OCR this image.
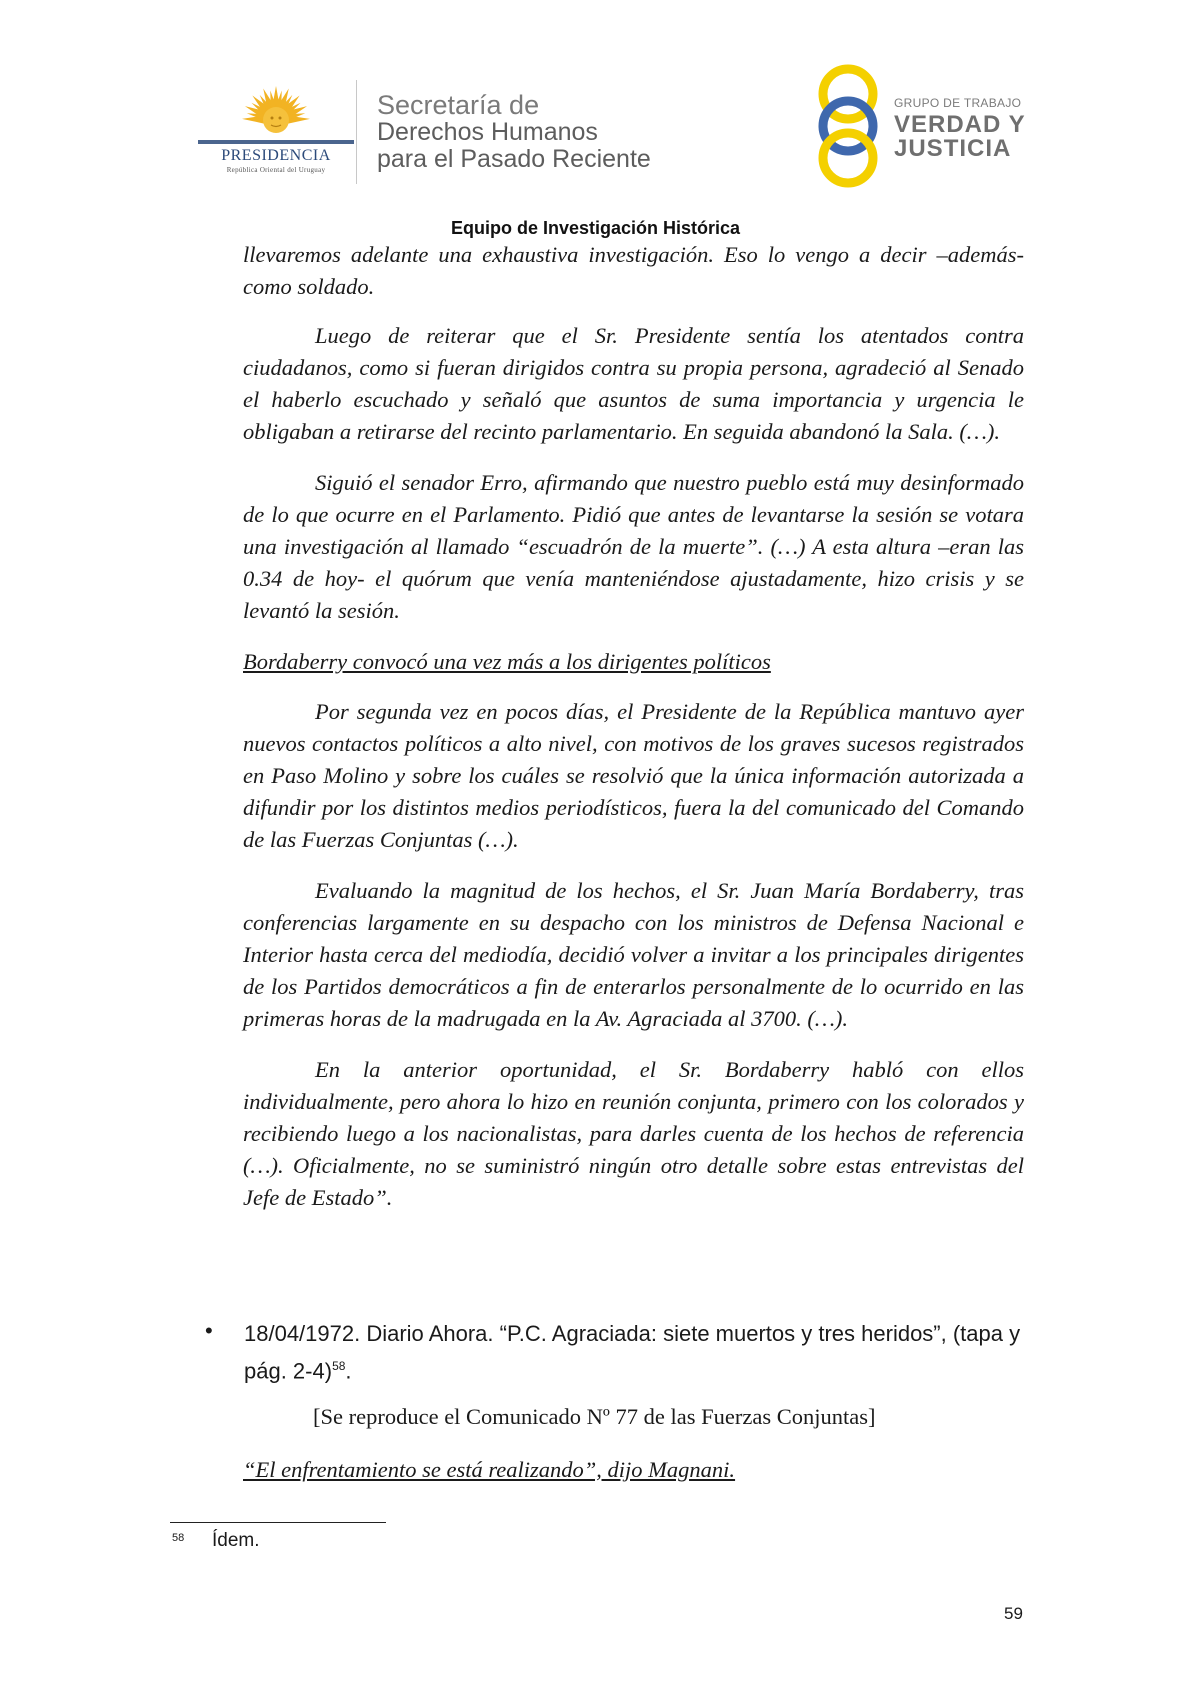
PRESIDENCIA
República Oriental del Uruguay
Secretaría de
Derechos Humanos
para el Pasado Reciente
GRUPO DE TRABAJO
VERDAD Y
JUSTICIA
Equipo de Investigación Histórica

llevaremos adelante una exhaustiva investigación. Eso lo vengo a decir –además- como soldado.

Luego de reiterar que el Sr. Presidente sentía los atentados contra ciudadanos, como si fueran dirigidos contra su propia persona, agradeció al Senado el haberlo escuchado y señaló que asuntos de suma importancia y urgencia le obligaban a retirarse del recinto parlamentario. En seguida abandonó la Sala. (…).

Siguió el senador Erro, afirmando que nuestro pueblo está muy desinformado de lo que ocurre en el Parlamento. Pidió que antes de levantarse la sesión se votara una investigación al llamado “escuadrón de la muerte”. (…) A esta altura –eran las 0.34 de hoy- el quórum que venía manteniéndose ajustadamente, hizo crisis y se levantó la sesión.

Bordaberry convocó una vez más a los dirigentes políticos

Por segunda vez en pocos días, el Presidente de la República mantuvo ayer nuevos contactos políticos a alto nivel, con motivos de los graves sucesos registrados en Paso Molino y sobre los cuáles se resolvió que la única información autorizada a difundir por los distintos medios periodísticos, fuera la del comunicado del Comando de las Fuerzas Conjuntas (…).

Evaluando la magnitud de los hechos, el Sr. Juan María Bordaberry, tras conferencias largamente en su despacho con los ministros de Defensa Nacional e Interior hasta cerca del mediodía, decidió volver a invitar a los principales dirigentes de los Partidos democráticos a fin de enterarlos personalmente de lo ocurrido en las primeras horas de la madrugada en la Av. Agraciada al 3700. (…).

En la anterior oportunidad, el Sr. Bordaberry habló con ellos individualmente, pero ahora lo hizo en reunión conjunta, primero con los colorados y recibiendo luego a los nacionalistas, para darles cuenta de los hechos de referencia (…). Oficialmente, no se suministró ningún otro detalle sobre estas entrevistas del Jefe de Estado”.

• 18/04/1972. Diario Ahora. “P.C. Agraciada: siete muertos y tres heridos”, (tapa y pág. 2-4)$^{58}$.
[Se reproduce el Comunicado Nº 77 de las Fuerzas Conjuntas]
“El enfrentamiento se está realizando”, dijo Magnani.
58 Ídem.
59
